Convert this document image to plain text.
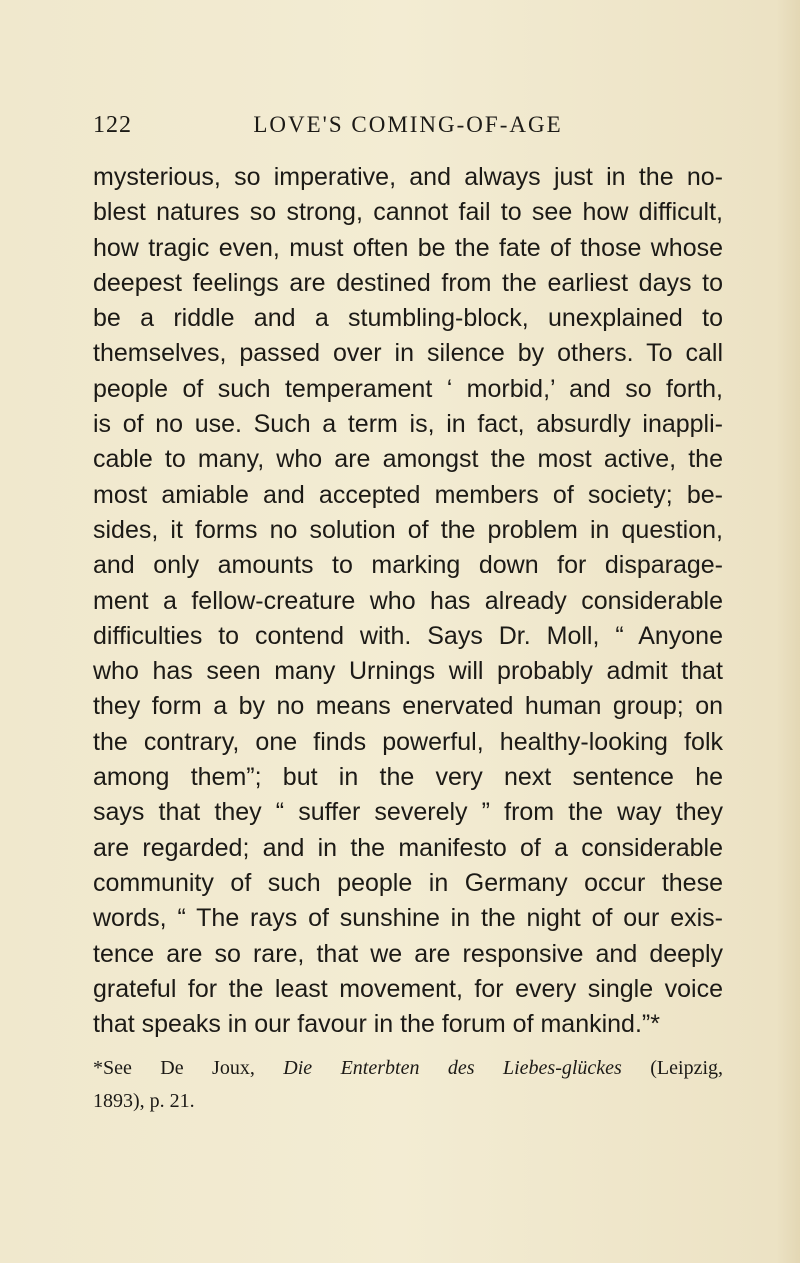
122	LOVE'S COMING-OF-AGE
mysterious, so imperative, and always just in the no-
blest natures so strong, cannot fail to see how difficult,
how tragic even, must often be the fate of those whose
deepest feelings are destined from the earliest days to
be a riddle and a stumbling-block, unexplained to
themselves, passed over in silence by others. To call
people of such temperament ‘ morbid,’ and so forth,
is of no use. Such a term is, in fact, absurdly inappli-
cable to many, who are amongst the most active, the
most amiable and accepted members of society; be-
sides, it forms no solution of the problem in question,
and only amounts to marking down for disparage-
ment a fellow-creature who has already considerable
difficulties to contend with. Says Dr. Moll, “ Anyone
who has seen many Urnings will probably admit that
they form a by no means enervated human group; on
the contrary, one finds powerful, healthy-looking folk
among them”; but in the very next sentence he
says that they “ suffer severely ” from the way they
are regarded; and in the manifesto of a considerable
community of such people in Germany occur these
words, “ The rays of sunshine in the night of our exis-
tence are so rare, that we are responsive and deeply
grateful for the least movement, for every single voice
that speaks in our favour in the forum of mankind.”*
*See De Joux, Die Enterbten des Liebes-glückes (Leipzig,
1893), p. 21.
